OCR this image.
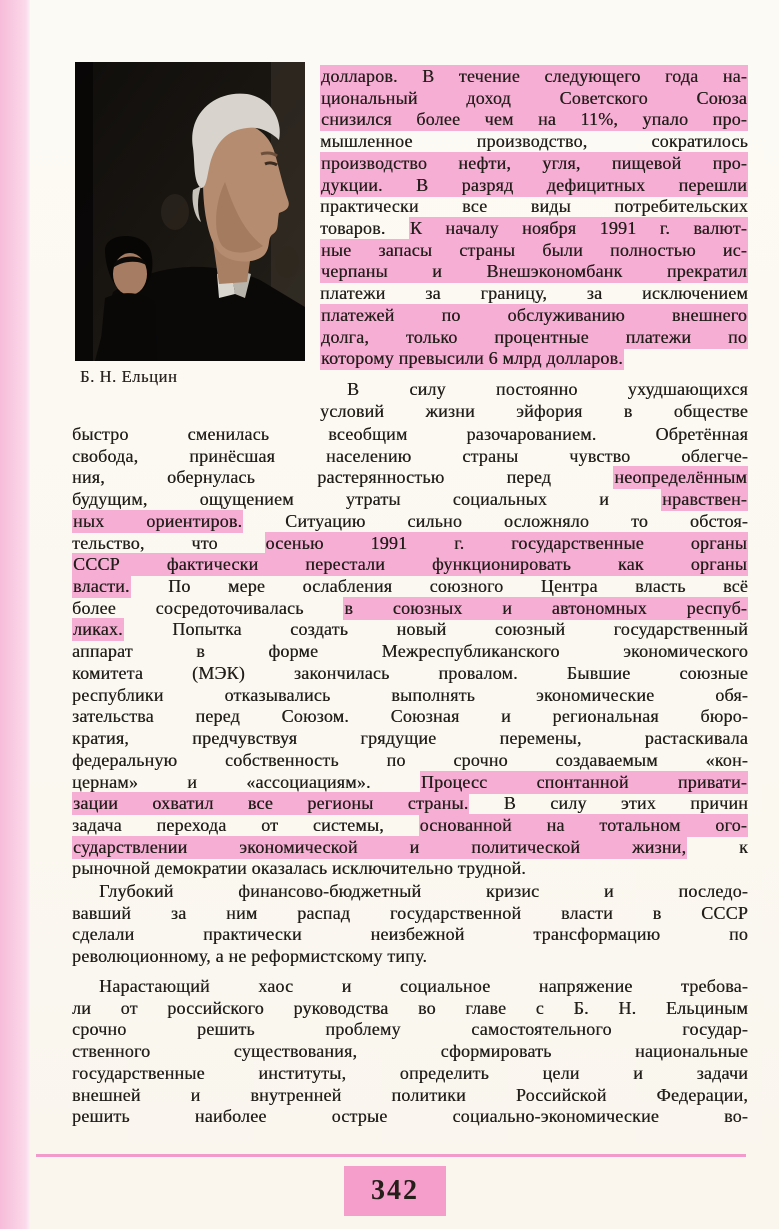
Б. Н. Ельцин
долларов. В течение следующего года на-
циональный доход Советского Союза
снизился более чем на 11%, упало про-
мышленное производство, сократилось
производство нефти, угля, пищевой про-
дукции. В разряд дефицитных перешли
практически все виды потребительских
товаров. К началу ноября 1991 г. валют-
ные запасы страны были полностью ис-
черпаны и Внешэкономбанк прекратил
платежи за границу, за исключением
платежей по обслуживанию внешнего
долга, только процентные платежи по
которому превысили 6 млрд долларов.
В силу постоянно ухудшающихся
условий жизни эйфория в обществе
быстро сменилась всеобщим разочарованием. Обретённая
свобода, принёсшая населению страны чувство облегче-
ния, обернулась растерянностью перед неопределённым
будущим, ощущением утраты социальных и нравствен-
ных ориентиров. Ситуацию сильно осложняло то обстоя-
тельство, что осенью 1991 г. государственные органы
СССР фактически перестали функционировать как органы
власти. По мере ослабления союзного Центра власть всё
более сосредоточивалась в союзных и автономных респуб-
ликах. Попытка создать новый союзный государственный
аппарат в форме Межреспубликанского экономического
комитета (МЭК) закончилась провалом. Бывшие союзные
республики отказывались выполнять экономические обя-
зательства перед Союзом. Союзная и региональная бюро-
кратия, предчувствуя грядущие перемены, растаскивала
федеральную собственность по срочно создаваемым «кон-
цернам» и «ассоциациям». Процесс спонтанной привати-
зации охватил все регионы страны. В силу этих причин
задача перехода от системы, основанной на тотальном ого-
сударствлении экономической и политической жизни, к
рыночной демократии оказалась исключительно трудной.
Глубокий финансово-бюджетный кризис и последо-
вавший за ним распад государственной власти в СССР
сделали практически неизбежной трансформацию по
революционному, а не реформистскому типу.
Нарастающий хаос и социальное напряжение требова-
ли от российского руководства во главе с Б. Н. Ельциным
срочно решить проблему самостоятельного государ-
ственного существования, сформировать национальные
государственные институты, определить цели и задачи
внешней и внутренней политики Российской Федерации,
решить наиболее острые социально-экономические во-
342
